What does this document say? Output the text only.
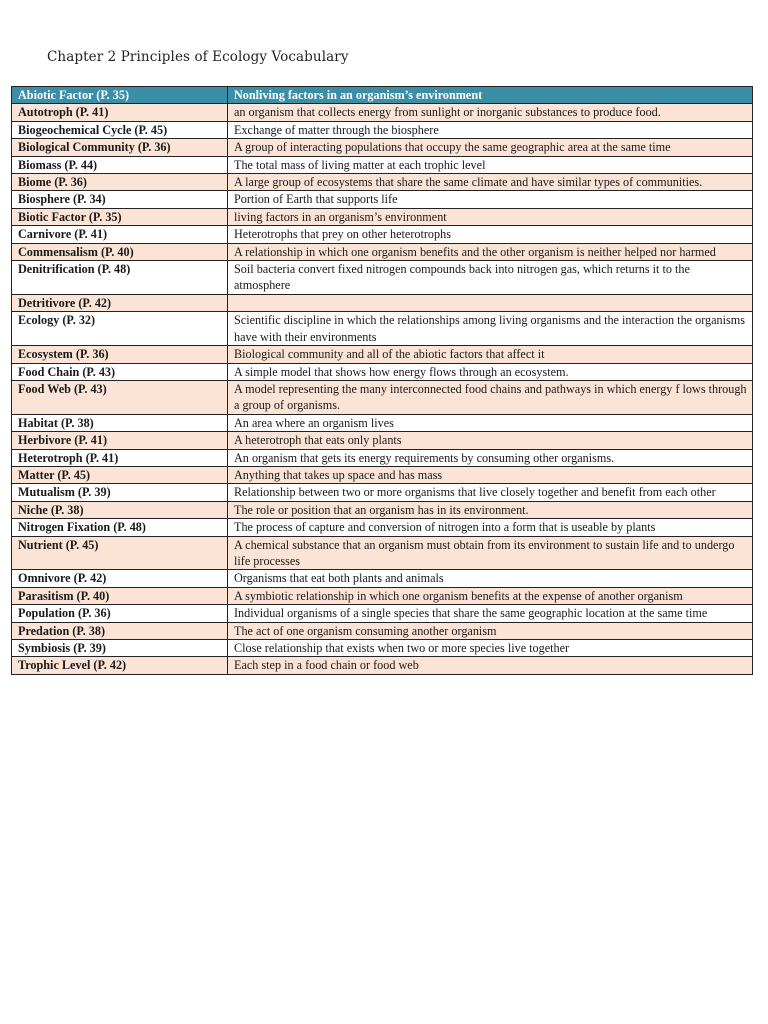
Chapter 2 Principles of Ecology Vocabulary
Abiotic Factor (P. 35)	Nonliving factors in an organism’s environment
Autotroph (P. 41)	an organism that collects energy from sunlight or inorganic substances to produce food.
Biogeochemical Cycle (P. 45)	Exchange of matter through the biosphere
Biological Community (P. 36)	A group of interacting populations that occupy the same geographic area at the same time
Biomass (P. 44)	The total mass of living matter at each trophic level
Biome (P. 36)	A large group of ecosystems that share the same climate and have similar types of communities.
Biosphere (P. 34)	Portion of Earth that supports life
Biotic Factor (P. 35)	living factors in an organism’s environment
Carnivore (P. 41)	Heterotrophs that prey on other heterotrophs
Commensalism (P. 40)	A relationship in which one organism benefits and the other organism is neither helped nor harmed
Denitrification (P. 48)	Soil bacteria convert fixed nitrogen compounds back into nitrogen gas, which returns it to the atmosphere
Detritivore (P. 42)	
Ecology (P. 32)	Scientific discipline in which the relationships among living organisms and the interaction the organisms have with their environments
Ecosystem (P. 36)	Biological community and all of the abiotic factors that affect it
Food Chain (P. 43)	A simple model that shows how energy flows through an ecosystem.
Food Web (P. 43)	A model representing the many interconnected food chains and pathways in which energy f lows through a group of organisms.
Habitat (P. 38)	An area where an organism lives
Herbivore (P. 41)	A heterotroph that eats only plants
Heterotroph (P. 41)	An organism that gets its energy requirements by consuming other organisms.
Matter (P. 45)	Anything that takes up space and has mass
Mutualism (P. 39)	Relationship between two or more organisms that live closely together and benefit from each other
Niche (P. 38)	The role or position that an organism has in its environment.
Nitrogen Fixation (P. 48)	The process of capture and conversion of nitrogen into a form that is useable by plants
Nutrient (P. 45)	A chemical substance that an organism must obtain from its environment to sustain life and to undergo life processes
Omnivore (P. 42)	Organisms that eat both plants and animals
Parasitism (P. 40)	A symbiotic relationship in which one organism benefits at the expense of another organism
Population (P. 36)	Individual organisms of a single species that share the same geographic location at the same time
Predation (P. 38)	The act of one organism consuming another organism
Symbiosis (P. 39)	Close relationship that exists when two or more species live together
Trophic Level (P. 42)	Each step in a food chain or food web
